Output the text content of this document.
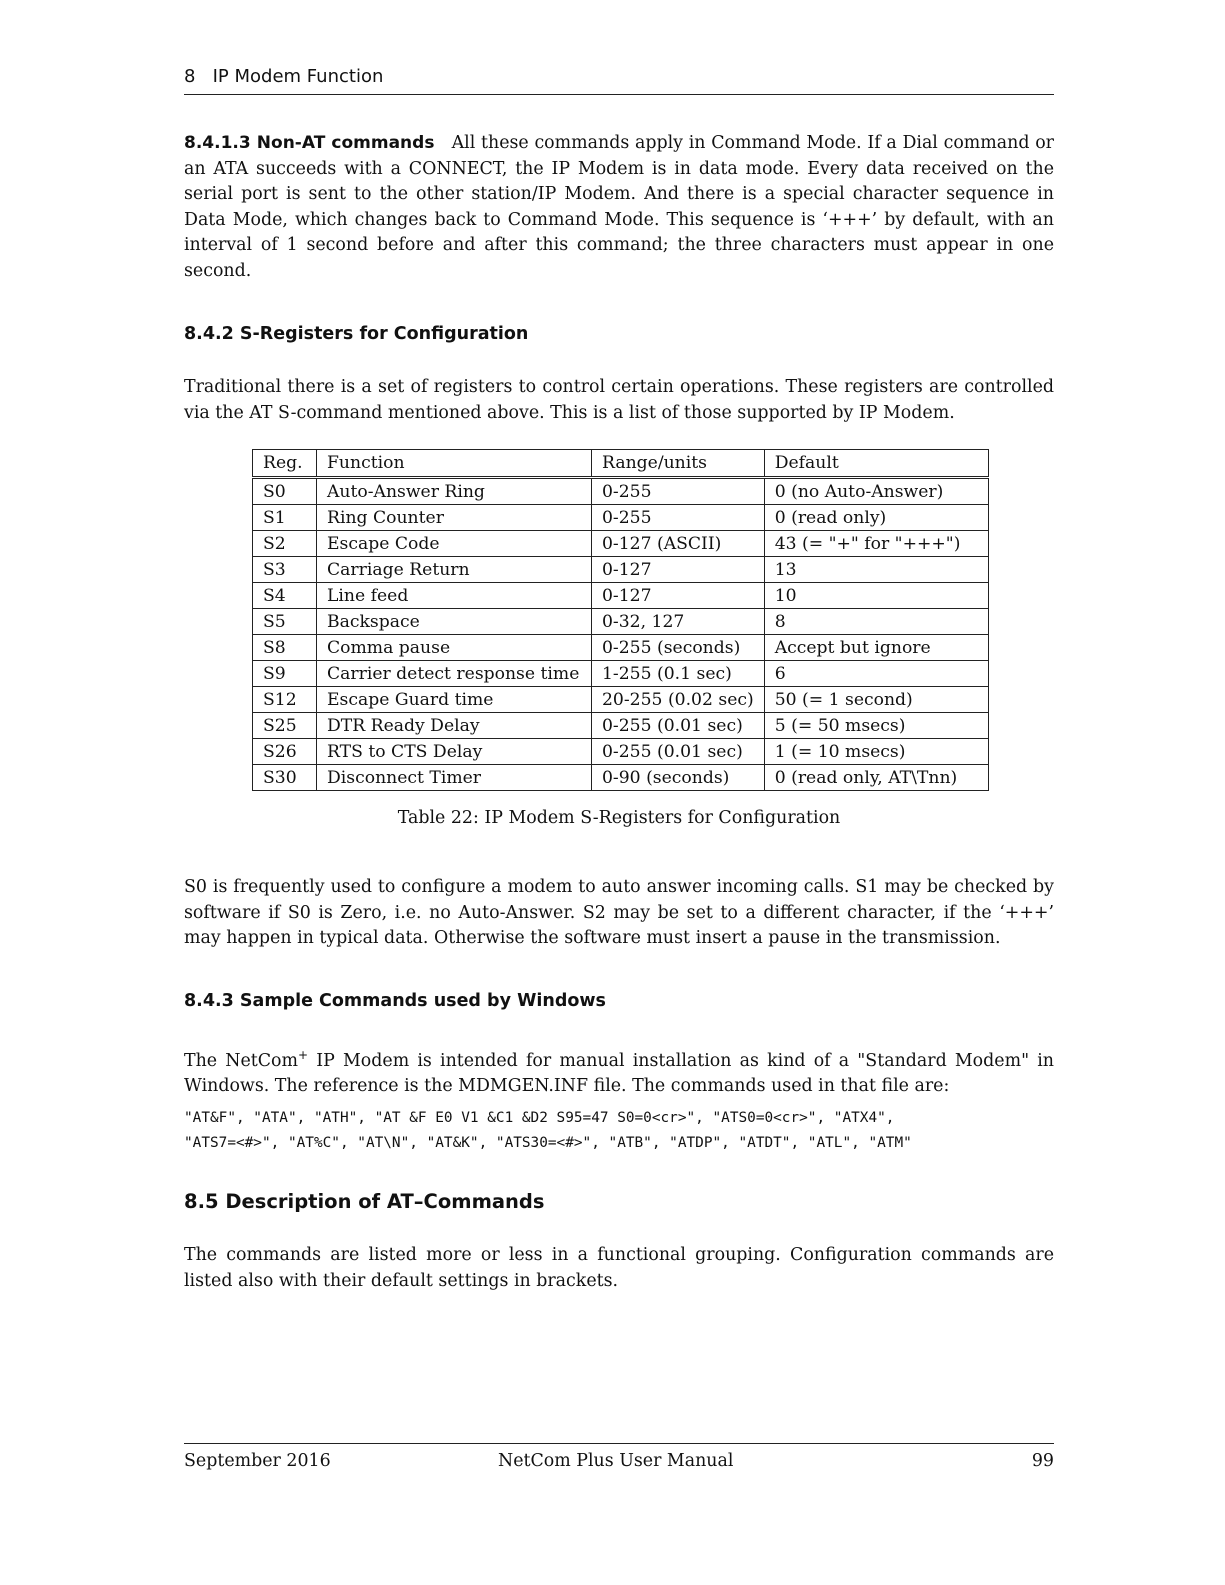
8 IP Modem Function
8.4.1.3 Non-AT commands All these commands apply in Command Mode. If a Dial command or an ATA succeeds with a CONNECT, the IP Modem is in data mode. Every data received on the serial port is sent to the other station/IP Modem. And there is a special character sequence in Data Mode, which changes back to Command Mode. This sequence is ‘+++’ by default, with an interval of 1 second before and after this command; the three characters must appear in one second.
8.4.2 S-Registers for Configuration
Traditional there is a set of registers to control certain operations. These registers are controlled via the AT S-command mentioned above. This is a list of those supported by IP Modem.
Reg.	Function	Range/units	Default
S0	Auto-Answer Ring	0-255	0 (no Auto-Answer)
S1	Ring Counter	0-255	0 (read only)
S2	Escape Code	0-127 (ASCII)	43 (= "+" for "+++")
S3	Carriage Return	0-127	13
S4	Line feed	0-127	10
S5	Backspace	0-32, 127	8
S8	Comma pause	0-255 (seconds)	Accept but ignore
S9	Carrier detect response time	1-255 (0.1 sec)	6
S12	Escape Guard time	20-255 (0.02 sec)	50 (= 1 second)
S25	DTR Ready Delay	0-255 (0.01 sec)	5 (= 50 msecs)
S26	RTS to CTS Delay	0-255 (0.01 sec)	1 (= 10 msecs)
S30	Disconnect Timer	0-90 (seconds)	0 (read only, AT\Tnn)
Table 22: IP Modem S-Registers for Configuration
S0 is frequently used to configure a modem to auto answer incoming calls. S1 may be checked by software if S0 is Zero, i.e. no Auto-Answer. S2 may be set to a different character, if the ‘+++’ may happen in typical data. Otherwise the software must insert a pause in the transmission.
8.4.3 Sample Commands used by Windows
The NetCom+ IP Modem is intended for manual installation as kind of a "Standard Modem" in Windows. The reference is the MDMGEN.INF file. The commands used in that file are:
"AT&F", "ATA", "ATH", "AT &F E0 V1 &C1 &D2 S95=47 S0=0<cr>", "ATS0=0<cr>", "ATX4",
"ATS7=<#>", "AT%C", "AT\N", "AT&K", "ATS30=<#>", "ATB", "ATDP", "ATDT", "ATL", "ATM"
8.5 Description of AT–Commands
The commands are listed more or less in a functional grouping. Configuration commands are listed also with their default settings in brackets.
September 2016	NetCom Plus User Manual	99
